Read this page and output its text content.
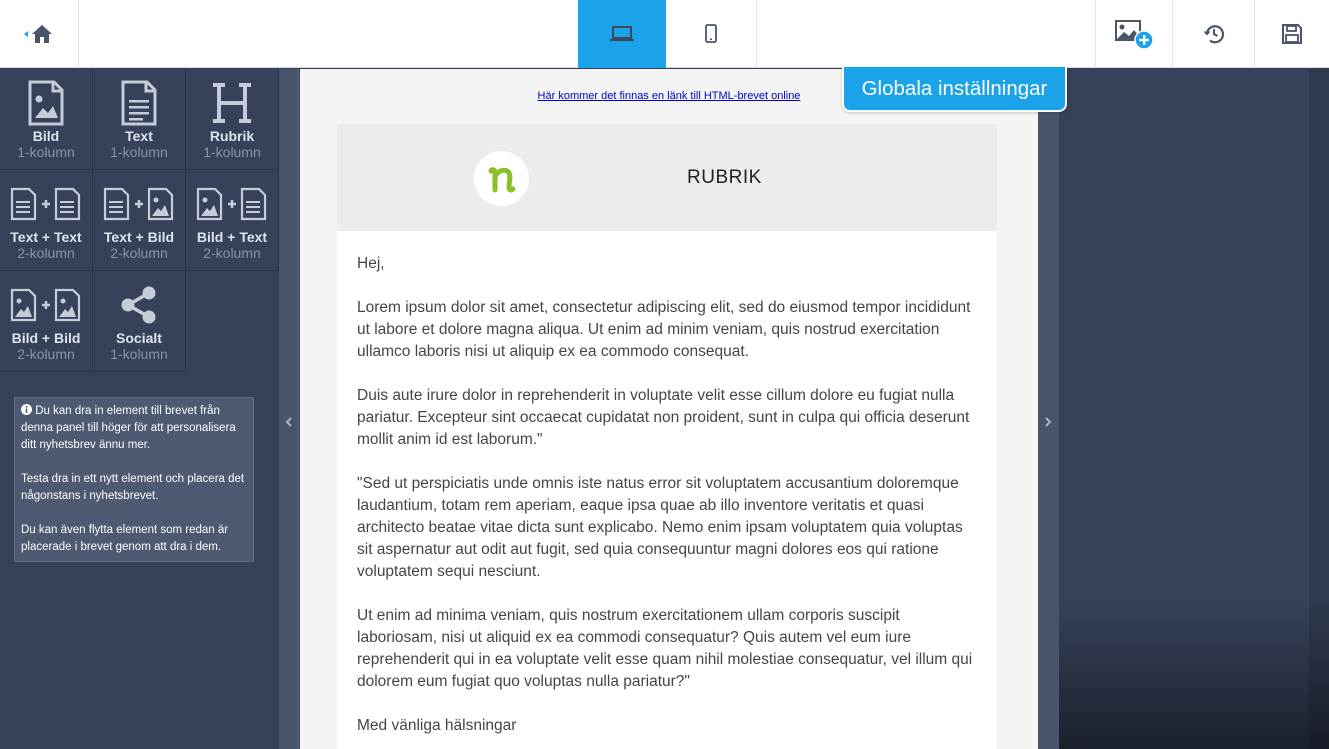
Bild
1-kolumn
Text
1-kolumn
Rubrik
1-kolumn
Text + Text
2-kolumn
Text + Bild
2-kolumn
Bild + Text
2-kolumn
Bild + Bild
2-kolumn
Socialt
1-kolumn

Du kan dra in element till brevet från denna panel till höger för att personalisera ditt nyhetsbrev ännu mer.

Testa dra in ett nytt element och placera det någonstans i nyhetsbrevet.

Du kan även flytta element som redan är placerade i brevet genom att dra i dem.

Här kommer det finnas en länk till HTML-brevet online
RUBRIK

Hej,

Lorem ipsum dolor sit amet, consectetur adipiscing elit, sed do eiusmod tempor incididunt ut labore et dolore magna aliqua. Ut enim ad minim veniam, quis nostrud exercitation ullamco laboris nisi ut aliquip ex ea commodo consequat.

Duis aute irure dolor in reprehenderit in voluptate velit esse cillum dolore eu fugiat nulla pariatur. Excepteur sint occaecat cupidatat non proident, sunt in culpa qui officia deserunt mollit anim id est laborum."

"Sed ut perspiciatis unde omnis iste natus error sit voluptatem accusantium doloremque laudantium, totam rem aperiam, eaque ipsa quae ab illo inventore veritatis et quasi architecto beatae vitae dicta sunt explicabo. Nemo enim ipsam voluptatem quia voluptas sit aspernatur aut odit aut fugit, sed quia consequuntur magni dolores eos qui ratione voluptatem sequi nesciunt.

Ut enim ad minima veniam, quis nostrum exercitationem ullam corporis suscipit laboriosam, nisi ut aliquid ex ea commodi consequatur? Quis autem vel eum iure reprehenderit qui in ea voluptate velit esse quam nihil molestiae consequatur, vel illum qui dolorem eum fugiat quo voluptas nulla pariatur?"

Med vänliga hälsningar

Globala inställningar
